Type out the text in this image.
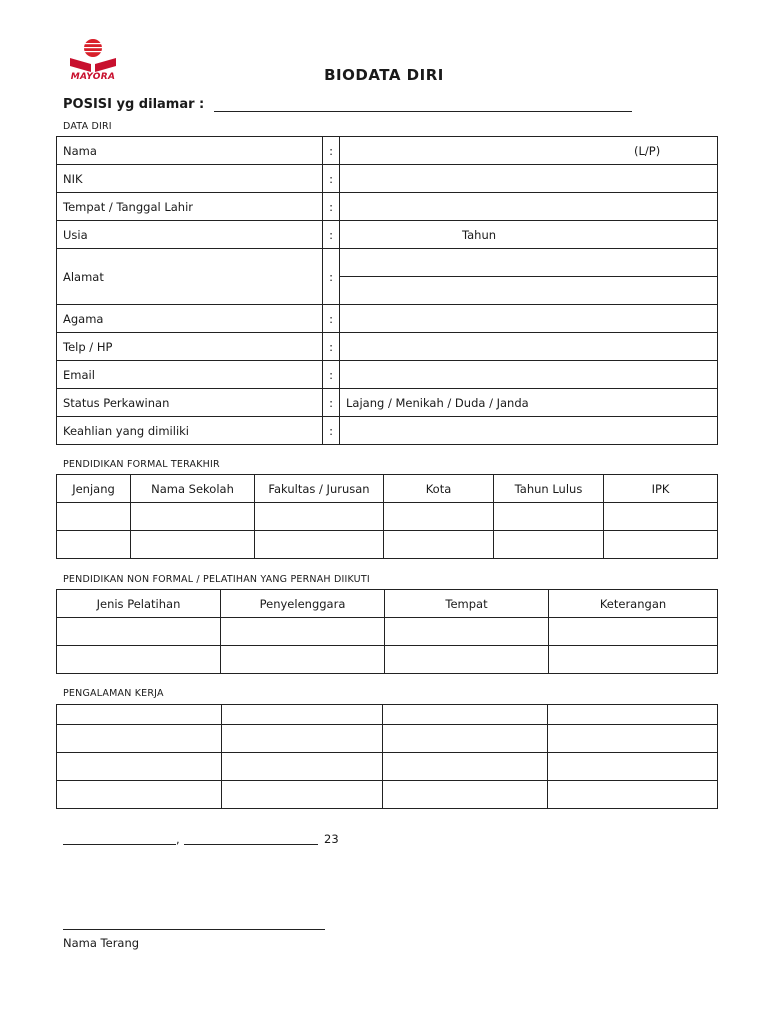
MAYORA	BIODATA DIRI
POSISI yg dilamar :
DATA DIRI
Nama	:	(L/P)
NIK	:	
Tempat / Tanggal Lahir	:	
Usia	:	Tahun
Alamat	:	

Agama	:	
Telp / HP	:	
Email	:	
Status Perkawinan	:	Lajang / Menikah / Duda / Janda
Keahlian yang dimiliki	:	
PENDIDIKAN FORMAL TERAKHIR
Jenjang	Nama Sekolah	Fakultas / Jurusan	Kota	Tahun Lulus	IPK

PENDIDIKAN NON FORMAL / PELATIHAN YANG PERNAH DIIKUTI
Jenis Pelatihan	Penyelenggara	Tempat	Keterangan

PENGALAMAN KERJA

,	23
Nama Terang
